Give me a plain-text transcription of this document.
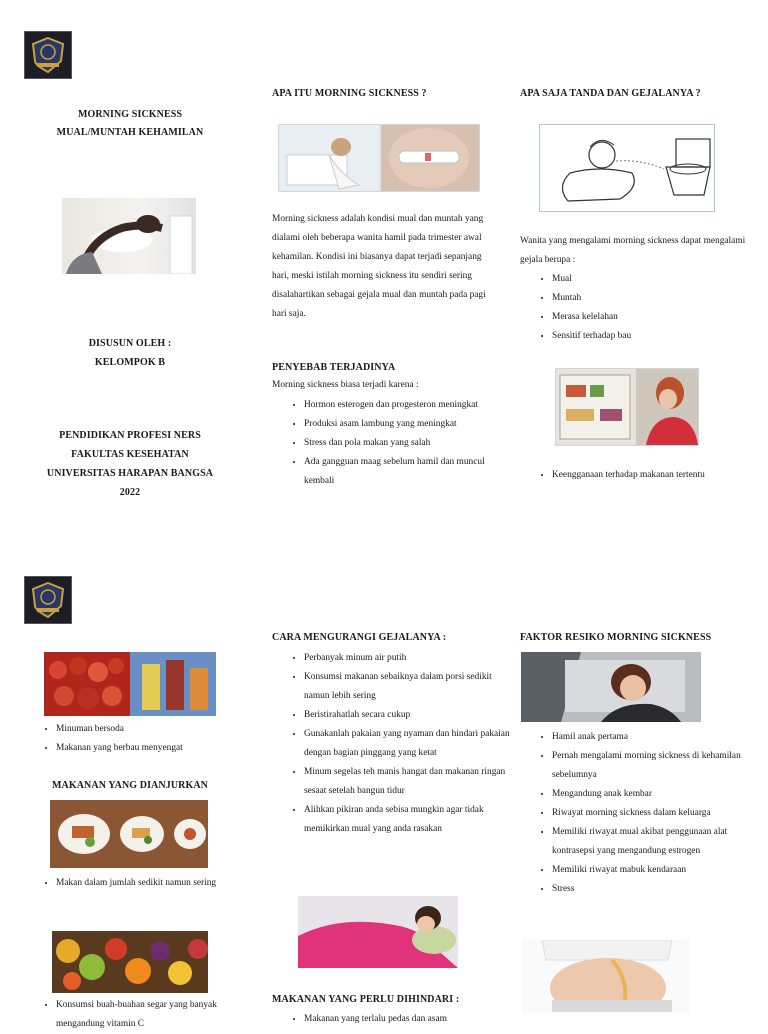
MORNING SICKNESS
MUAL/MUNTAH KEHAMILAN
DISUSUN OLEH :
KELOMPOK B
PENDIDIKAN PROFESI NERS
FAKULTAS KESEHATAN
UNIVERSITAS HARAPAN BANGSA
2022
APA ITU MORNING SICKNESS ?
Morning sickness adalah kondisi mual dan muntah yang dialami oleh beberapa wanita hamil pada trimester awal kehamilan. Kondisi ini biasanya dapat terjadi sepanjang hari, meski istilah morning sickness itu sendiri sering disalahartikan sebagai gejala mual dan muntah pada pagi hari saja.
PENYEBAB TERJADINYA
Morning sickness biasa terjadi karena :
• Hormon esterogen dan progesteron meningkat
• Produksi asam lambung yang meningkat
• Stress dan pola makan yang salah
• Ada gangguan maag sebelum hamil dan muncul kembali
APA SAJA TANDA DAN GEJALANYA ?
Wanita yang mengalami morning sickness dapat mengalami gejala berupa :
• Mual
• Muntah
• Merasa kelelahan
• Sensitif terhadap bau
• Keengganaan terhadap makanan tertentu
• Minuman bersoda
• Makanan yang berbau menyengat
MAKANAN YANG DIANJURKAN
• Makan dalam jumlah sedikit namun sering
• Konsumsi buah-buahan segar yang banyak mengandung vitamin C
CARA MENGURANGI GEJALANYA :
• Perbanyak minum air putih
• Konsumsi makanan sebaiknya dalam porsi sedikit namun lebih sering
• Beristirahatlah secara cukup
• Gunakanlah pakaian yang nyaman dan hindari pakaian dengan bagian pinggang yang ketat
• Minum segelas teh manis hangat dan makanan ringan sesaat setelah bangun tidur
• Alihkan pikiran anda sebisa mungkin agar tidak memikirkan mual yang anda rasakan
MAKANAN YANG PERLU DIHINDARI :
• Makanan yang terlalu pedas dan asam
FAKTOR RESIKO MORNING SICKNESS
• Hamil anak pertama
• Pernah mengalami morning sickness di kehamilan sebelumnya
• Mengandung anak kembar
• Riwayat morning sickness dalam keluarga
• Memiliki riwayat mual akibat penggunaan alat kontrasepsi yang mengandung estrogen
• Memiliki riwayat mabuk kendaraan
• Stress
